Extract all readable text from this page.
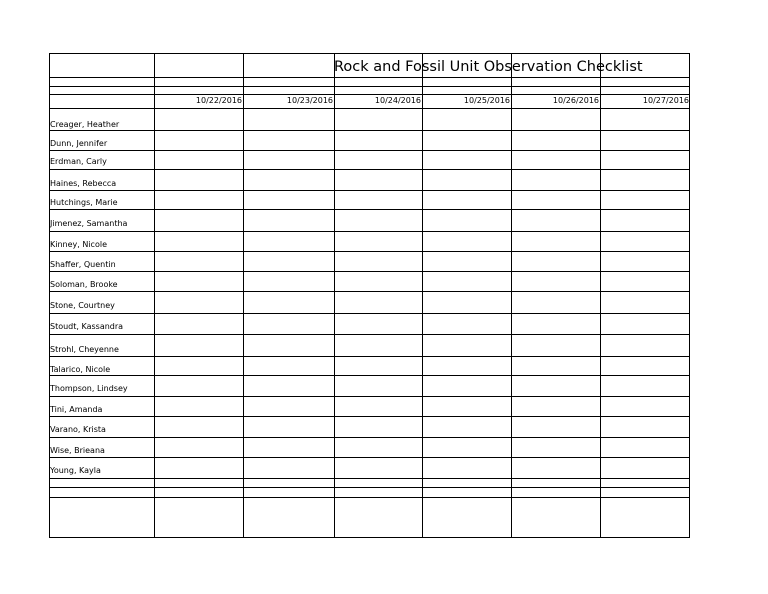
Rock and Fossil Unit Observation Checklist
10/22/2016	10/23/2016	10/24/2016	10/25/2016	10/26/2016	10/27/2016
Creager, Heather
Dunn, Jennifer
Erdman, Carly
Haines, Rebecca
Hutchings, Marie
Jimenez, Samantha
Kinney, Nicole
Shaffer, Quentin
Soloman, Brooke
Stone, Courtney
Stoudt, Kassandra
Strohl, Cheyenne
Talarico, Nicole
Thompson, Lindsey
Tini, Amanda
Varano, Krista
Wise, Brieana
Young, Kayla
